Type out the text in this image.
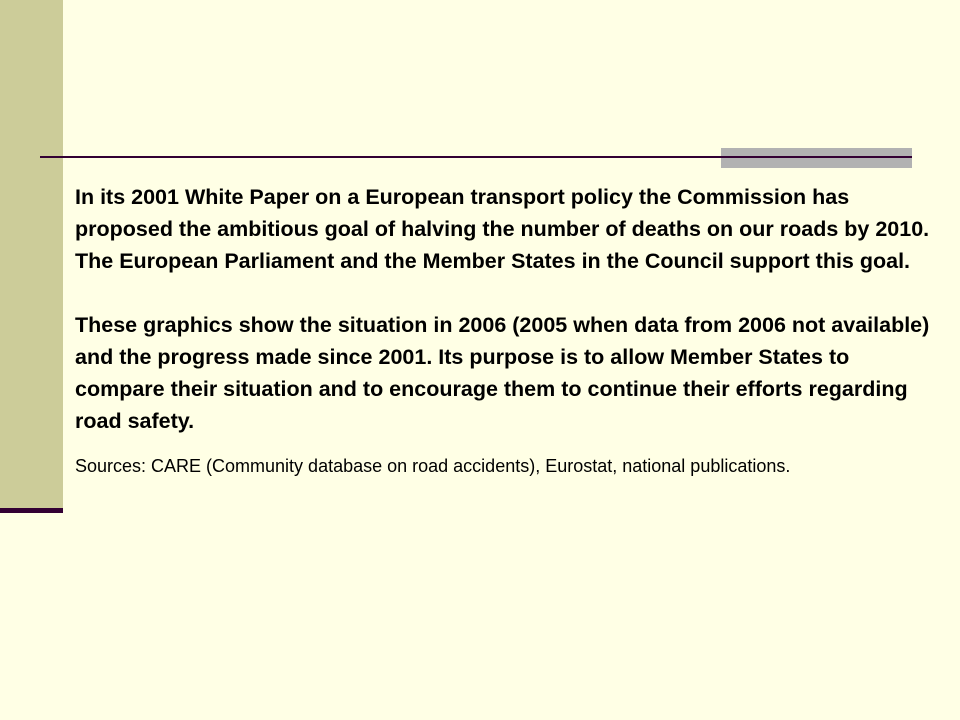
In its 2001 White Paper on a European transport policy the Commission has proposed the ambitious goal of halving the number of deaths on our roads by 2010. The European Parliament and the Member States in the Council support this goal.

These graphics show the situation in 2006 (2005 when data from 2006 not available) and the progress made since 2001. Its purpose is to allow Member States to compare their situation and to encourage them to continue their efforts regarding road safety.

Sources: CARE (Community database on road accidents), Eurostat, national publications.
